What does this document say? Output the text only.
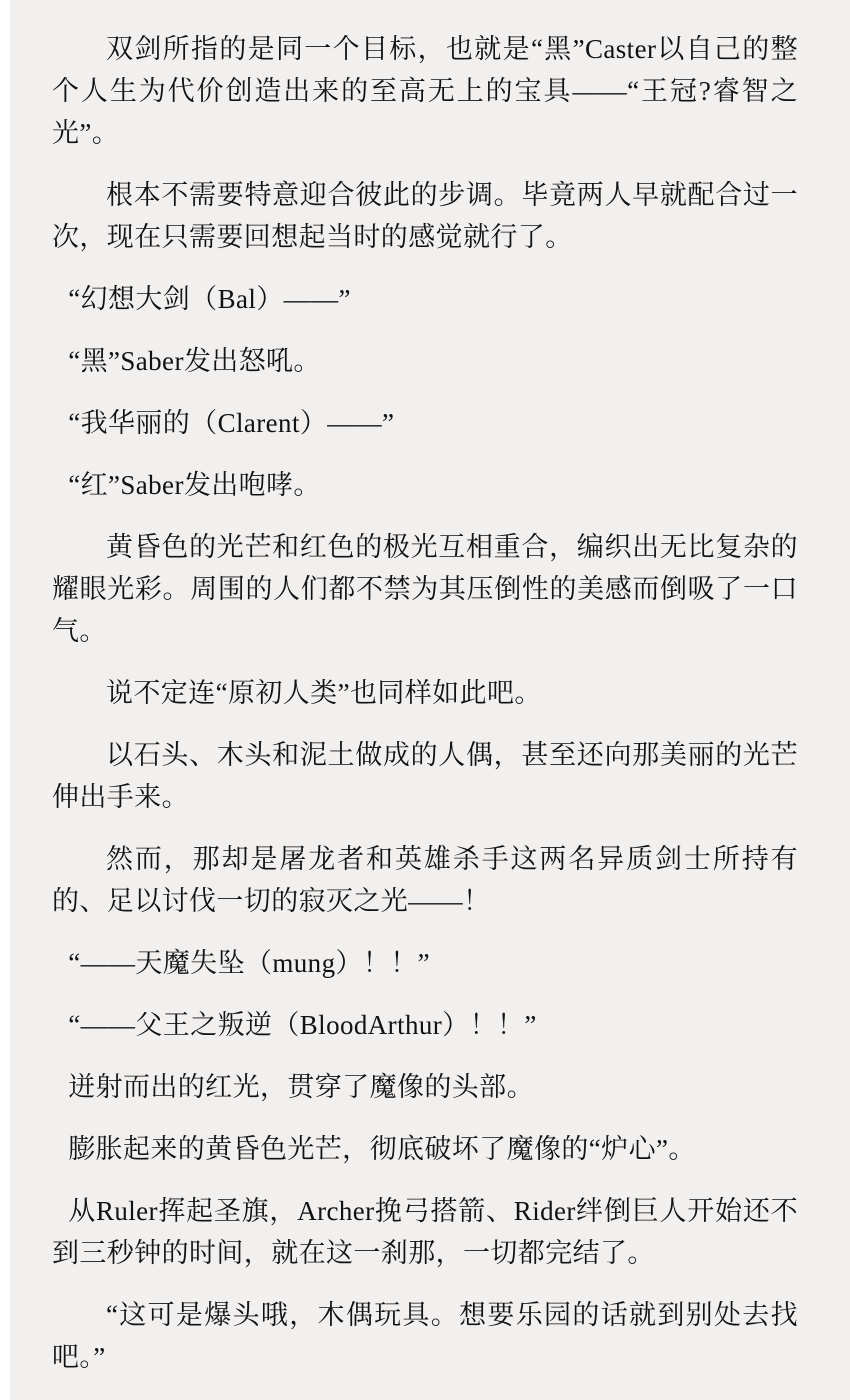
双剑所指的是同一个目标，也就是“黑”Caster以自己的整个人生为代价创造出来的至高无上的宝具——“王冠?睿智之光”。

根本不需要特意迎合彼此的步调。毕竟两人早就配合过一次，现在只需要回想起当时的感觉就行了。

“幻想大剑（Bal）——”

“黑”Saber发出怒吼。

“我华丽的（Clarent）——”

“红”Saber发出咆哮。

黄昏色的光芒和红色的极光互相重合，编织出无比复杂的耀眼光彩。周围的人们都不禁为其压倒性的美感而倒吸了一口气。

说不定连“原初人类”也同样如此吧。

以石头、木头和泥土做成的人偶，甚至还向那美丽的光芒伸出手来。

然而，那却是屠龙者和英雄杀手这两名异质剑士所持有的、足以讨伐一切的寂灭之光——！

“——天魔失坠（mung）！！”

“——父王之叛逆（BloodArthur）！！”

迸射而出的红光，贯穿了魔像的头部。

膨胀起来的黄昏色光芒，彻底破坏了魔像的“炉心”。

从Ruler挥起圣旗，Archer挽弓搭箭、Rider绊倒巨人开始还不到三秒钟的时间，就在这一刹那，一切都完结了。

“这可是爆头哦，木偶玩具。想要乐园的话就到别处去找吧。”
